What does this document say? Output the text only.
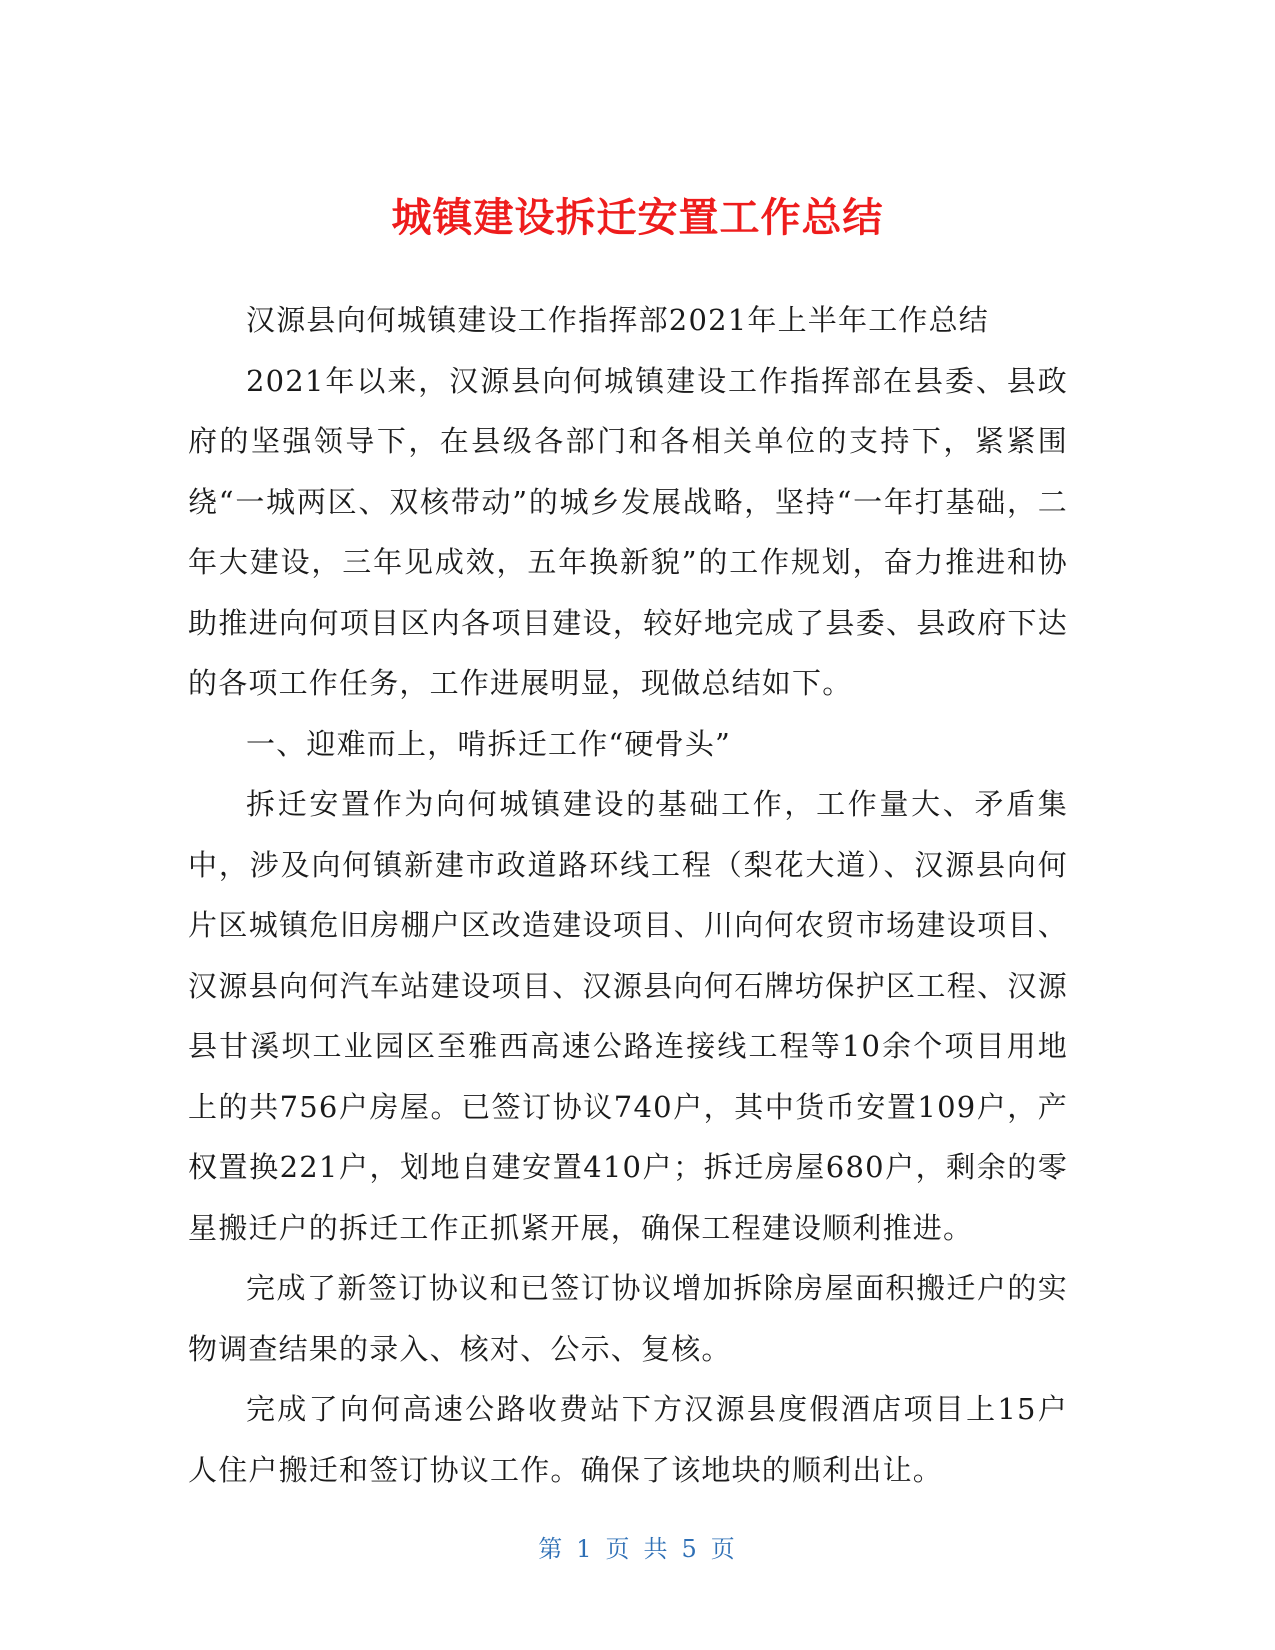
城镇建设拆迁安置工作总结

汉源县向何城镇建设工作指挥部2021年上半年工作总结

2021年以来，汉源县向何城镇建设工作指挥部在县委、县政府的坚强领导下，在县级各部门和各相关单位的支持下，紧紧围绕“一城两区、双核带动”的城乡发展战略，坚持“一年打基础，二年大建设，三年见成效，五年换新貌”的工作规划，奋力推进和协助推进向何项目区内各项目建设，较好地完成了县委、县政府下达的各项工作任务，工作进展明显，现做总结如下。

一、迎难而上，啃拆迁工作“硬骨头”

拆迁安置作为向何城镇建设的基础工作，工作量大、矛盾集中，涉及向何镇新建市政道路环线工程（梨花大道）、汉源县向何片区城镇危旧房棚户区改造建设项目、川向何农贸市场建设项目、汉源县向何汽车站建设项目、汉源县向何石牌坊保护区工程、汉源县甘溪坝工业园区至雅西高速公路连接线工程等10余个项目用地上的共756户房屋。已签订协议740户，其中货币安置109户，产权置换221户，划地自建安置410户；拆迁房屋680户，剩余的零星搬迁户的拆迁工作正抓紧开展，确保工程建设顺利推进。

完成了新签订协议和已签订协议增加拆除房屋面积搬迁户的实物调查结果的录入、核对、公示、复核。

完成了向何高速公路收费站下方汉源县度假酒店项目上15户人住户搬迁和签订协议工作。确保了该地块的顺利出让。

第 1 页 共 5 页
